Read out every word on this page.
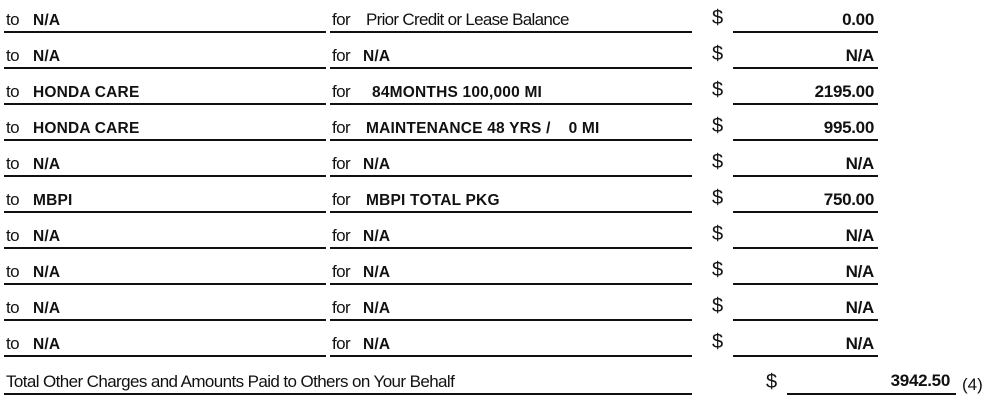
to N/A	for Prior Credit or Lease Balance	$	0.00
to N/A	for N/A	$	N/A
to HONDA CARE	for 84MONTHS 100,000 MI	$	2195.00
to HONDA CARE	for MAINTENANCE 48 YRS /    0 MI	$	995.00
to N/A	for N/A	$	N/A
to MBPI	for MBPI TOTAL PKG	$	750.00
to N/A	for N/A	$	N/A
to N/A	for N/A	$	N/A
to N/A	for N/A	$	N/A
to N/A	for N/A	$	N/A
Total Other Charges and Amounts Paid to Others on Your Behalf	$	3942.50 (4)
